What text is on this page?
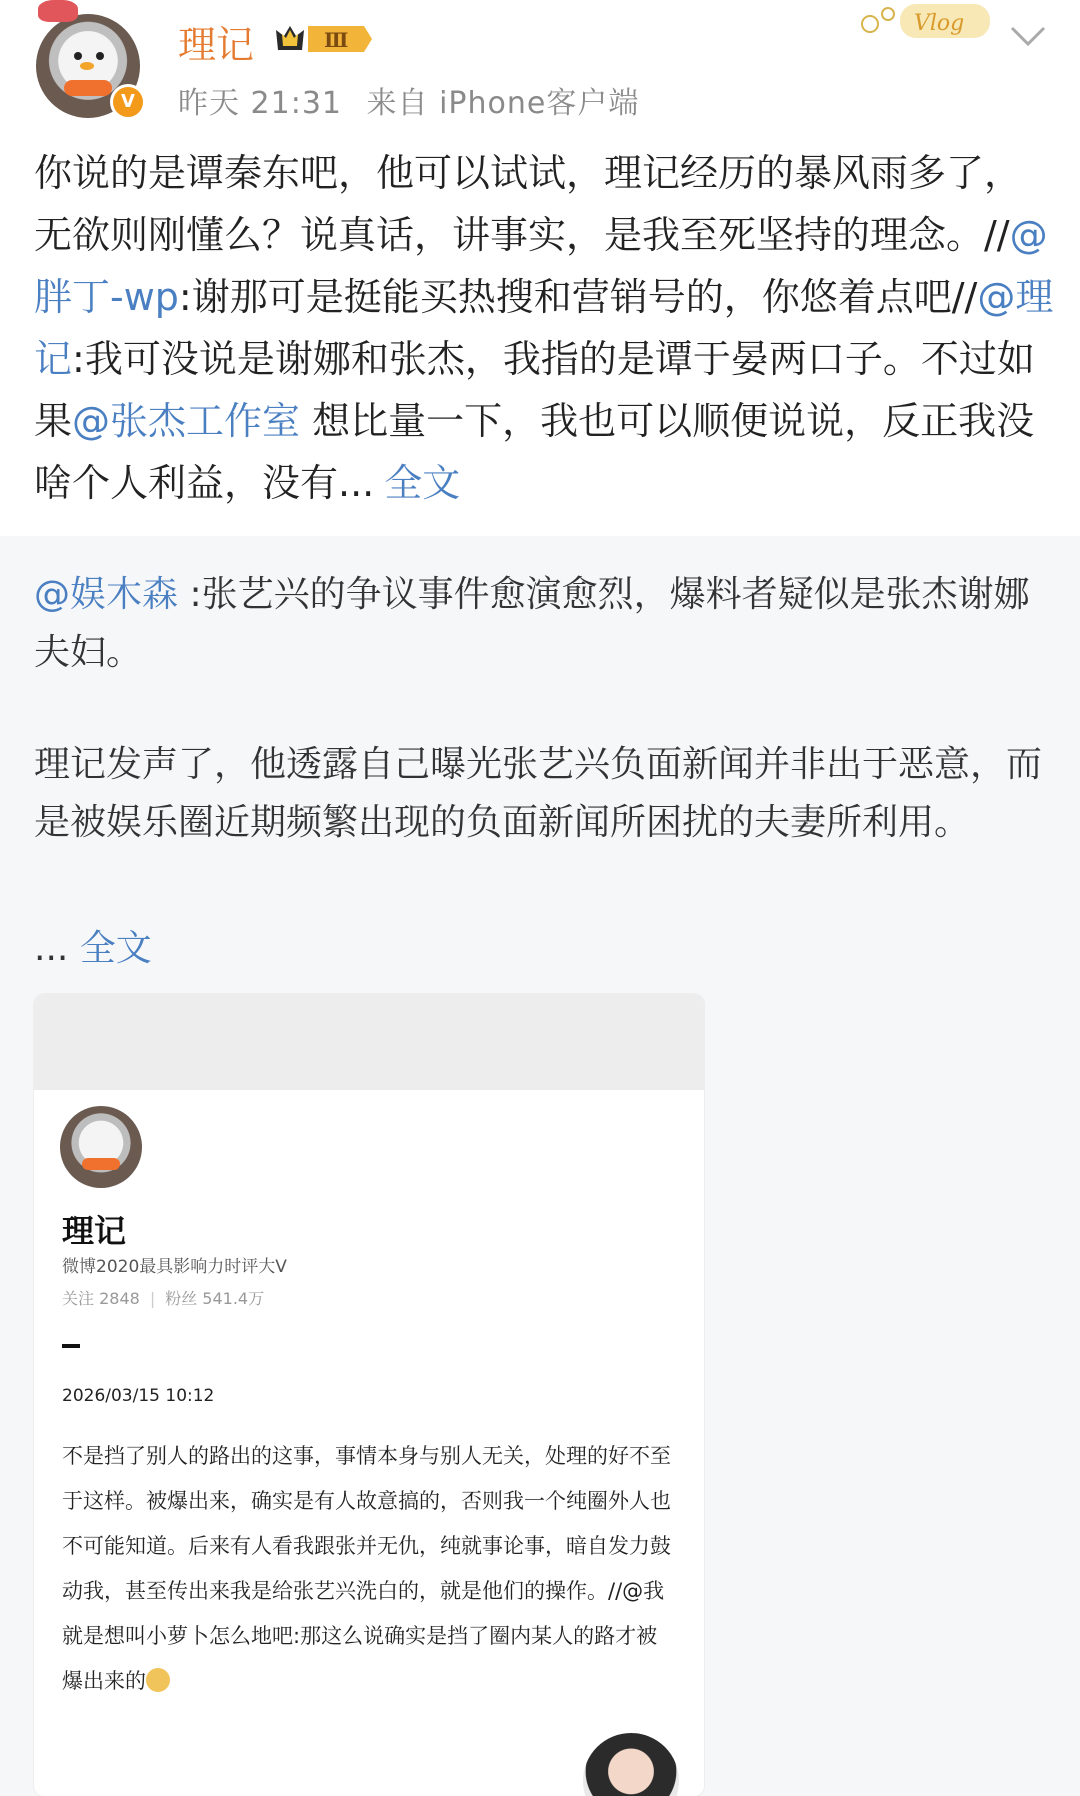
V
理记	Ⅲ
昨天 21:31 来自 iPhone客户端
Vlog
你说的是谭秦东吧，他可以试试，理记经历的暴风雨多了，无欲则刚懂么？说真话，讲事实，是我至死坚持的理念。//@胖丁-wp:谢那可是挺能买热搜和营销号的，你悠着点吧//@理记:我可没说是谢娜和张杰，我指的是谭于晏两口子。不过如果@张杰工作室 想比量一下，我也可以顺便说说，反正我没啥个人利益，没有... 全文
@娱木森 :张艺兴的争议事件愈演愈烈，爆料者疑似是张杰谢娜夫妇。
理记发声了，他透露自己曝光张艺兴负面新闻并非出于恶意，而是被娱乐圈近期频繁出现的负面新闻所困扰的夫妻所利用。
... 全文
理记
微博2020最具影响力时评大V
关注 2848 | 粉丝 541.4万
2026/03/15 10:12
不是挡了别人的路出的这事，事情本身与别人无关，处理的好不至于这样。被爆出来，确实是有人故意搞的，否则我一个纯圈外人也不可能知道。后来有人看我跟张并无仇，纯就事论事，暗自发力鼓动我，甚至传出来我是给张艺兴洗白的，就是他们的操作。//@我就是想叫小萝卜怎么地吧:那这么说确实是挡了圈内某人的路才被爆出来的
